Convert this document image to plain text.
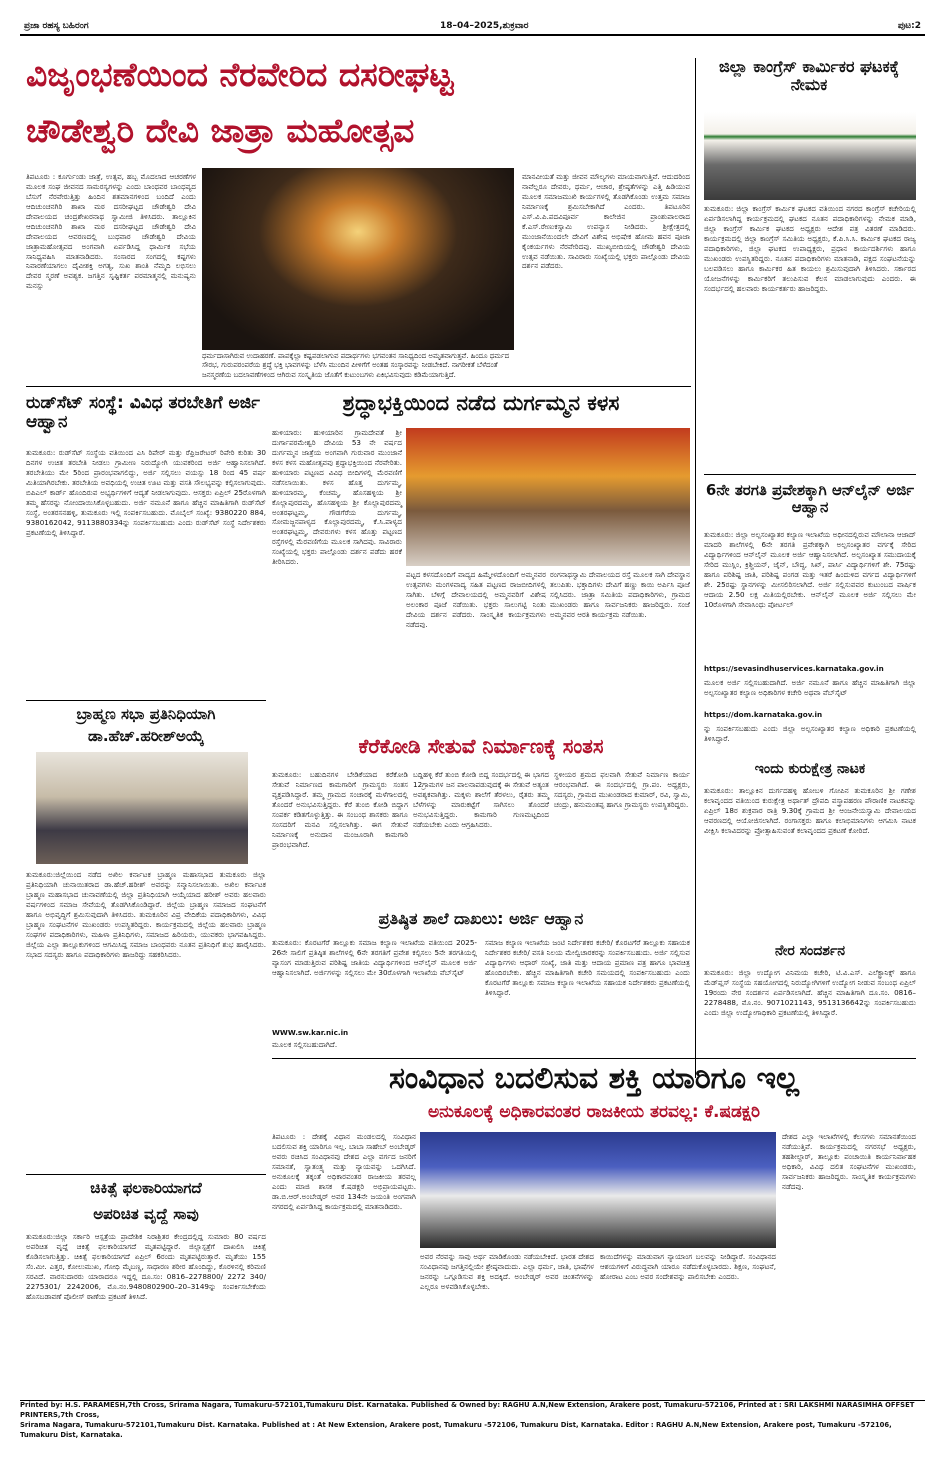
ಪ್ರಜಾ ರಹಸ್ಯ ಬಹಿರಂಗ	18–04–2025,ಶುಕ್ರವಾರ	ಪುಟ:2
ವಿಜೃಂಭಣೆಯಿಂದ ನೆರವೇರಿದ ದಸರೀಘಟ್ಟ
ಚೌಡೇಶ್ವರಿ ದೇವಿ ಜಾತ್ರಾ ಮಹೋತ್ಸವ
ತಿಪಟೂರು : ಕೂರ್ಗುಂಡು ಜಾತ್ರೆ, ಉತ್ಸವ, ಹಬ್ಬ ಮೊದಲಾದ ಆಚರಣೆಗಳ ಮೂಲಕ ಸಂಘ ಜೀವನದ ಸಾಮರಸ್ಯಗಳನ್ನು ಎಂದು ಬಾಂಧವರ ಬಾಂಧವ್ಯದ ಬೆಸುಗೆ ನೆರವೇರುತ್ತಿತ್ತು ಹಿಂದಿನ ಶತಮಾನಗಳಿಂದ ಬಂದಿದೆ ಎಂದು ಆದಿಚುಂಚನಗಿರಿ ಶಾಖಾ ಮಠ ದಸರೀಘಟ್ಟದ ಚೌಡೇಶ್ವರಿ ದೇವಿ ದೇವಾಲಯದ ಚಂದ್ರಶೇಖರನಾಥ ಸ್ವಾಮೀಜಿ ತಿಳಿಸಿದರು. ತಾಲ್ಲೂಕಿನ ಆದಿಚುಂಚನಗಿರಿ ಶಾಖಾ ಮಠ ದಸರೀಘಟ್ಟದ ಚೌಡೇಶ್ವರಿ ದೇವಿ ದೇವಾಲಯದ ಆವರಣದಲ್ಲಿ ಬುಧವಾರ ಚೌಡೇಶ್ವರಿ ದೇವಿಯ ಜಾತ್ರಾಮಹೋತ್ಸವದ ಅಂಗವಾಗಿ ಏರ್ಪಡಿಸಿದ್ದ ಧಾರ್ಮಿಕ ಸಭೆಯ ಸಾನಿಧ್ಯವಹಿಸಿ ಮಾತನಾಡಿದರು. ಸಂಸಾರದ ಸಂಗದಲ್ಲಿ ಕಷ್ಟಗಳು ನಿವಾರಣೆಯಾಗಲು ದೈವೀಶಕ್ತಿ ಅಗತ್ಯ, ಸುಖ ಶಾಂತಿ ನೆಮ್ಮದಿ ಲಭಿಸಲು ದೇವರ ಸ್ಮರಣೆ ಅವಶ್ಯಕ. ಜಗತ್ತಿನ ಸೃಷ್ಟಿಕರ್ತ ಪರಮಾತ್ಮನಲ್ಲಿ ಮನುಷ್ಯನು ಮನಸ್ಸು
ಧರ್ಮದಾಸಾಗಿರುವ ಉದಾಹರಣೆ. ಪಾಪಕ್ಕೆಲ್ಲಾ ಕಷ್ಟಪಡಲಾಗುವ ಪದಾರ್ಥಗಳು ಭಗವಂತನ ಸಾನಿಧ್ಯದಿಂದ ಅಮೃತವಾಗುತ್ತವೆ. ಹಿಂದೂ ಧರ್ಮದ ಸೌರಭ, ಗುರುಪರಂಪರೆಯ ಶ್ರದ್ಧೆ ಭಕ್ತಿ ಭಾವಗಳನ್ನು ಬೆಳೆಸಿ ಮುಂದಿನ ಪೀಳಿಗೆಗೆ ಅಂತಹ ಸಂಸ್ಕಾರವನ್ನು ನೀಡಬೇಕಿದೆ. ನಾಗರೀಕತೆ ಬೆಳೆದಂತೆ ಜನಸ್ಮರಣೆಯ ಬದಲಾವಣೆಗಳಿಂದ ಆಗಿರುವ ಸಂಸ್ಕೃತಿಯ ಜೊತೆಗೆ ಕುಟುಂಬಗಳು ಏಕಿಭವಿಸುವುದು ಕಡಿಮೆಯಾಗುತ್ತಿದೆ.
ಮಾನವೀಯತೆ ಮತ್ತು ಜೀವನ ಮೌಲ್ಯಗಳು ಮಾಯವಾಗುತ್ತಿವೆ. ಆದುದರಿಂದ ನಾವೆಲ್ಲರೂ ದೇವರು, ಧರ್ಮ, ಆಚಾರ, ಶ್ರೇಷ್ಠತೆಗಳನ್ನು ಎತ್ತಿ ಹಿಡಿಯುವ ಮೂಲಕ ಸಮಾಜಮುಖಿ ಕಾರ್ಯಗಳಲ್ಲಿ ತೊಡಗಿಕೊಂಡು ಉತ್ತಮ ಸಮಾಜ ನಿರ್ಮಾಣಕ್ಕೆ ಶ್ರಮಿಸಬೇಕಾಗಿದೆ ಎಂದರು. ತಿಪಟೂರಿನ ಎಸ್.ವಿ.ಪಿ.ಪದವಿಪೂರ್ವ ಕಾಲೇಜಿನ ಪ್ರಾಂಶುಪಾಲರಾದ ಕೆ.ಎಸ್.ರೇಣುಕಸ್ವಾಮಿ ಉಪನ್ಯಾಸ ನೀಡಿದರು. ಶ್ರೀಕ್ಷೇತ್ರದಲ್ಲಿ ಮುಂಜಾನೆಯಿಂದಲೇ ದೇವಿಗೆ ವಿಶೇಷ ಅಭಿಷೇಕ ಹೋಮ ಹವನ ಪೂಜಾ ಕೈಂಕರ್ಯಗಳು ನೆರವೇರಿದವು. ಮುಖ್ಯಬೀದಿಯಲ್ಲಿ ಚೌಡೇಶ್ವರಿ ದೇವಿಯ ಉತ್ಸವ ನಡೆಯಿತು. ಸಾವಿರಾರು ಸಂಖ್ಯೆಯಲ್ಲಿ ಭಕ್ತರು ಪಾಲ್ಗೊಂಡು ದೇವಿಯ ದರ್ಶನ ಪಡೆದರು.
ಜಿಲ್ಲಾ ಕಾಂಗ್ರೆಸ್ ಕಾರ್ಮಿಕರ ಘಟಕಕ್ಕೆ ನೇಮಕ
ತುಮಕೂರು: ಜಿಲ್ಲಾ ಕಾಂಗ್ರೆಸ್ ಕಾರ್ಮಿಕ ಘಟಕದ ವತಿಯಿಂದ ನಗರದ ಕಾಂಗ್ರೆಸ್ ಕಚೇರಿಯಲ್ಲಿ ಏರ್ಪಡಿಸಲಾಗಿದ್ದ ಕಾರ್ಯಕ್ರಮದಲ್ಲಿ ಘಟಕದ ನೂತನ ಪದಾಧಿಕಾರಿಗಳನ್ನು ನೇಮಕ ಮಾಡಿ, ಜಿಲ್ಲಾ ಕಾಂಗ್ರೆಸ್ ಕಾರ್ಮಿಕ ಘಟಕದ ಅಧ್ಯಕ್ಷರು ಆದೇಶ ಪತ್ರ ವಿತರಣೆ ಮಾಡಿದರು. ಕಾರ್ಯಕ್ರಮದಲ್ಲಿ ಜಿಲ್ಲಾ ಕಾಂಗ್ರೆಸ್ ಸಮಿತಿಯ ಅಧ್ಯಕ್ಷರು, ಕೆ.ಪಿ.ಸಿ.ಸಿ. ಕಾರ್ಮಿಕ ಘಟಕದ ರಾಜ್ಯ ಪದಾಧಿಕಾರಿಗಳು, ಜಿಲ್ಲಾ ಘಟಕದ ಉಪಾಧ್ಯಕ್ಷರು, ಪ್ರಧಾನ ಕಾರ್ಯದರ್ಶಿಗಳು ಹಾಗೂ ಮುಖಂಡರು ಉಪಸ್ಥಿತರಿದ್ದರು. ನೂತನ ಪದಾಧಿಕಾರಿಗಳು ಮಾತನಾಡಿ, ಪಕ್ಷದ ಸಂಘಟನೆಯನ್ನು ಬಲಪಡಿಸಲು ಹಾಗೂ ಕಾರ್ಮಿಕರ ಹಿತ ಕಾಯಲು ಶ್ರಮಿಸುವುದಾಗಿ ತಿಳಿಸಿದರು. ಸರ್ಕಾರದ ಯೋಜನೆಗಳನ್ನು ಕಾರ್ಮಿಕರಿಗೆ ತಲುಪಿಸುವ ಕೆಲಸ ಮಾಡಲಾಗುವುದು ಎಂದರು. ಈ ಸಂದರ್ಭದಲ್ಲಿ ಹಲವಾರು ಕಾರ್ಯಕರ್ತರು ಹಾಜರಿದ್ದರು.
ರುಡ್‌ಸೆಟ್ ಸಂಸ್ಥೆ: ವಿವಿಧ ತರಬೇತಿಗೆ ಅರ್ಜಿ ಆಹ್ವಾನ
ತುಮಕೂರು: ರುಡ್‌ಸೆಟ್ ಸಂಸ್ಥೆಯ ವತಿಯಿಂದ ಎಸಿ ರಿಪೇರ್ ಮತ್ತು ರೆಫ್ರಿಜರೇಟರ್ ರಿಪೇರಿ ಕುರಿತು 30 ದಿನಗಳ ಉಚಿತ ತರಬೇತಿ ನೀಡಲು ಗ್ರಾಮೀಣ ನಿರುದ್ಯೋಗಿ ಯುವಕರಿಂದ ಅರ್ಜಿ ಆಹ್ವಾನಿಸಲಾಗಿದೆ. ತರಬೇತಿಯು ಮೇ 5ರಿಂದ ಪ್ರಾರಂಭವಾಗಲಿದ್ದು, ಅರ್ಜಿ ಸಲ್ಲಿಸಲು ವಯಸ್ಸು 18 ರಿಂದ 45 ವರ್ಷ ಮಿತಿಯಾಗಿರಬೇಕು. ತರಬೇತಿಯ ಅವಧಿಯಲ್ಲಿ ಉಚಿತ ಊಟ ಮತ್ತು ವಸತಿ ಸೌಲಭ್ಯವನ್ನು ಕಲ್ಪಿಸಲಾಗುವುದು. ಬಿಪಿಎಲ್ ಕಾರ್ಡ್ ಹೊಂದಿರುವ ಅಭ್ಯರ್ಥಿಗಳಿಗೆ ಆದ್ಯತೆ ನೀಡಲಾಗುವುದು. ಆಸಕ್ತರು ಏಪ್ರಿಲ್ 25ರೊಳಗಾಗಿ ತಮ್ಮ ಹೆಸರನ್ನು ನೋಂದಾಯಿಸಿಕೊಳ್ಳಬಹುದು. ಅರ್ಜಿ ನಮೂನೆ ಹಾಗೂ ಹೆಚ್ಚಿನ ಮಾಹಿತಿಗಾಗಿ ರುಡ್‌ಸೆಟ್ ಸಂಸ್ಥೆ, ಅಂತರಸನಹಳ್ಳಿ, ತುಮಕೂರು ಇಲ್ಲಿ ಸಂಪರ್ಕಿಸಬಹುದು. ಮೊಬೈಲ್ ಸಂಖ್ಯೆ: 9380220 884, 9380162042, 9113880334ನ್ನು ಸಂಪರ್ಕಿಸಬಹುದು ಎಂದು ರುಡ್‌ಸೆಟ್ ಸಂಸ್ಥೆ ನಿರ್ದೇಶಕರು ಪ್ರಕಟಣೆಯಲ್ಲಿ ತಿಳಿಸಿದ್ದಾರೆ.
ಶ್ರದ್ಧಾಭಕ್ತಿಯಿಂದ ನಡೆದ ದುರ್ಗಮ್ಮನ ಕಳಸ
ಹುಳಿಯಾರು: ಹುಳಿಯಾರಿನ ಗ್ರಾಮದೇವತೆ ಶ್ರೀ ದುರ್ಗಾಪರಮೇಶ್ವರಿ ದೇವಿಯ 53 ನೇ ವರ್ಷದ ದುರ್ಗಮ್ಮನ ಜಾತ್ರೆಯ ಅಂಗವಾಗಿ ಗುರುವಾರ ಮುಂಜಾನೆ ಕಳಸ ಕಳಸ ಮಹೋತ್ಸವವು ಶ್ರದ್ಧಾಭಕ್ತಿಯಿಂದ ನೆರವೇರಿತು. ಹುಳಿಯಾರು ಪಟ್ಟಣದ ವಿವಿಧ ಬೀದಿಗಳಲ್ಲಿ ಮೆರವಣಿಗೆ ನಡೆಸಲಾಯಿತು. ಕಳಸ ಹೊತ್ತ ದುರ್ಗಮ್ಮ, ಹುಳಿಯಾರಮ್ಮ, ಕೆಂಚಮ್ಮ, ಹೊಸಹಳ್ಳಿಯ ಶ್ರೀ ಕೊಲ್ಲಾಪುರದಮ್ಮ, ಹೊಸಹಳ್ಳಿಯ ಶ್ರೀ ಕೊಲ್ಲಾಪುರದಮ್ಮ ಅಂತರಘಟ್ಟಮ್ಮ, ಗೌಡಗೆರೆಯ ದುರ್ಗಮ್ಮ, ಸೋಮಜ್ಜನಪಾಳ್ಯದ ಕೊಲ್ಲಾಪುರದಮ್ಮ, ಕೆ.ಸಿ.ಪಾಳ್ಯದ ಅಂತರಘಟ್ಟಮ್ಮ, ದೇವರುಗಳು ಕಳಸ ಹೊತ್ತು ಪಟ್ಟಣದ ರಸ್ತೆಗಳಲ್ಲಿ ಮೆರವಣಿಗೆಯ ಮೂಲಕ ಸಾಗಿದವು. ಸಾವಿರಾರು ಸಂಖ್ಯೆಯಲ್ಲಿ ಭಕ್ತರು ಪಾಲ್ಗೊಂಡು ದರ್ಶನ ಪಡೆದು ಹರಕೆ ತೀರಿಸಿದರು.
ಪಟ್ಟದ ಕಳಸದೊಂದಿಗೆ ವಾದ್ಯದ ಹಿಮ್ಮೇಳದೊಂದಿಗೆ ಅಮ್ಮನವರ ಉತ್ಸವಗಳು ಮಂಗಳವಾದ್ಯ ಸಹಿತ ಪಟ್ಟಣದ ರಾಜಬೀದಿಗಳಲ್ಲಿ ಸಾಗಿತು. ಬೆಳಿಗ್ಗೆ ದೇವಾಲಯದಲ್ಲಿ ಅಮ್ಮನವರಿಗೆ ವಿಶೇಷ ಅಲಂಕಾರ ಪೂಜೆ ನಡೆಯಿತು. ಭಕ್ತರು ಸಾಲುಗಟ್ಟಿ ನಿಂತು ದೇವಿಯ ದರ್ಶನ ಪಡೆದರು. ಸಾಂಸ್ಕೃತಿಕ ಕಾರ್ಯಕ್ರಮಗಳು ನಡೆದವು.
ರಂಗನಾಥಸ್ವಾಮಿ ದೇವಾಲಯದ ರಸ್ತೆ ಮೂಲಕ ಸಾಗಿ ದೇವಸ್ಥಾನ ತಲುಪಿತು. ಭಕ್ತಾದಿಗಳು ದೇವಿಗೆ ಹಣ್ಣು ಕಾಯಿ ಅರ್ಪಿಸಿ ಪೂಜೆ ಸಲ್ಲಿಸಿದರು. ಜಾತ್ರಾ ಸಮಿತಿಯ ಪದಾಧಿಕಾರಿಗಳು, ಗ್ರಾಮದ ಮುಖಂಡರು ಹಾಗೂ ಸಾರ್ವಜನಿಕರು ಹಾಜರಿದ್ದರು. ಸಂಜೆ ಅಮ್ಮನವರ ಆರತಿ ಕಾರ್ಯಕ್ರಮ ನಡೆಯಿತು.
ಬ್ರಾಹ್ಮಣ ಸಭಾ ಪ್ರತಿನಿಧಿಯಾಗಿ
ಡಾ.ಹೆಚ್.ಹರೀಶ್‌ಅಯ್ಕೆ
ತುಮಕೂರು:ಜಿಲ್ಲೆಯಿಂದ ನಡೆದ ಅಖಿಲ ಕರ್ನಾಟಕ ಬ್ರಾಹ್ಮಣ ಮಹಾಸಭಾದ ತುಮಕೂರು ಜಿಲ್ಲಾ ಪ್ರತಿನಿಧಿಯಾಗಿ ಚುನಾಯಿತರಾದ ಡಾ.ಹೆಚ್.ಹರೀಶ್ ಅವರನ್ನು ಸನ್ಮಾನಿಸಲಾಯಿತು. ಅಖಿಲ ಕರ್ನಾಟಕ ಬ್ರಾಹ್ಮಣ ಮಹಾಸಭಾದ ಚುನಾವಣೆಯಲ್ಲಿ ಜಿಲ್ಲಾ ಪ್ರತಿನಿಧಿಯಾಗಿ ಆಯ್ಕೆಯಾದ ಹರೀಶ್ ಅವರು ಹಲವಾರು ವರ್ಷಗಳಿಂದ ಸಮಾಜ ಸೇವೆಯಲ್ಲಿ ತೊಡಗಿಸಿಕೊಂಡಿದ್ದಾರೆ. ಜಿಲ್ಲೆಯ ಬ್ರಾಹ್ಮಣ ಸಮಾಜದ ಸಂಘಟನೆಗೆ ಹಾಗೂ ಅಭಿವೃದ್ಧಿಗೆ ಶ್ರಮಿಸುವುದಾಗಿ ತಿಳಿಸಿದರು. ತುಮಕೂರಿನ ವಿಪ್ರ ವೇದಿಕೆಯ ಪದಾಧಿಕಾರಿಗಳು, ವಿವಿಧ ಬ್ರಾಹ್ಮಣ ಸಂಘಟನೆಗಳ ಮುಖಂಡರು ಉಪಸ್ಥಿತರಿದ್ದರು. ಕಾರ್ಯಕ್ರಮದಲ್ಲಿ ಜಿಲ್ಲೆಯ ಹಲವಾರು ಬ್ರಾಹ್ಮಣ ಸಂಘಗಳ ಪದಾಧಿಕಾರಿಗಳು, ಮಹಿಳಾ ಪ್ರತಿನಿಧಿಗಳು, ಸಮಾಜದ ಹಿರಿಯರು, ಯುವಕರು ಭಾಗವಹಿಸಿದ್ದರು. ಜಿಲ್ಲೆಯ ಎಲ್ಲಾ ತಾಲ್ಲೂಕುಗಳಿಂದ ಆಗಮಿಸಿದ್ದ ಸಮಾಜ ಬಾಂಧವರು ನೂತನ ಪ್ರತಿನಿಧಿಗೆ ಶುಭ ಹಾರೈಸಿದರು. ಸಭಾದ ಸದಸ್ಯರು ಹಾಗೂ ಪದಾಧಿಕಾರಿಗಳು ಹಾಜರಿದ್ದು ಸಹಕರಿಸಿದರು.
ಚಿಕಿತ್ಸೆ ಫಲಕಾರಿಯಾಗದೆ
ಅಪರಿಚಿತ ವೃದ್ದೆ ಸಾವು
ತುಮಕೂರು:ಜಿಲ್ಲಾ ಸರ್ಕಾರಿ ಆಸ್ಪತ್ರೆಯ ಪ್ರಾದೇಶಿಕ ನಿರಾಶ್ರಿತರ ಕೇಂದ್ರದಲ್ಲಿದ್ದ ಸುಮಾರು 80 ವರ್ಷದ ಅಪರಿಚಿತ ವೃದ್ದೆ ಚಿಕಿತ್ಸೆ ಫಲಕಾರಿಯಾಗದೆ ಮೃತಪಟ್ಟಿದ್ದಾರೆ. ಜಿಲ್ಲಾಸ್ಪತ್ರೆಗೆ ದಾಖಲಿಸಿ ಚಿಕಿತ್ಸೆ ಕೊಡಿಸಲಾಗುತ್ತಿತ್ತು. ಚಿಕಿತ್ಸೆ ಫಲಕಾರಿಯಾಗದೆ ಏಪ್ರಿಲ್ 6ರಂದು ಮೃತಪಟ್ಟಿರುತ್ತಾರೆ. ಮೃತೆಯು 155 ಸೆಂ.ಮೀ. ಎತ್ತರ, ಕೋಲುಮುಖ, ಗೋಧಿ ಮೈಬಣ್ಣ, ಸಾಧಾರಣ ಶರೀರ ಹೊಂದಿದ್ದು, ಕೊರಳಿನಲ್ಲಿ ಕರಿಮಣಿ ಸರವಿದೆ. ವಾರಸುದಾರರು ಯಾರಾದರೂ ಇದ್ದಲ್ಲಿ ದೂ.ಸಂ: 0816–2278800/ 2272 340/ 2275301/ 2242006, ಮೊ.ನಂ.9480802900–20–3149ನ್ನು ಸಂಪರ್ಕಿಸಬೇಕೆಂದು ಹೊಸಬಡಾವಣೆ ಪೊಲೀಸ್ ಠಾಣೆಯ ಪ್ರಕಟಣೆ ತಿಳಿಸಿದೆ.
ಕೆರೆಕೋಡಿ ಸೇತುವೆ ನಿರ್ಮಾಣಕ್ಕೆ ಸಂತಸ
ತುಮಕೂರು: ಬಹುದಿನಗಳ ಬೇಡಿಕೆಯಾದ ಕರೆಕೋಡಿ ಸೇತುವೆ ನಿರ್ಮಾಣದ ಕಾಮಗಾರಿಗೆ ಗ್ರಾಮಸ್ಥರು ಸಂತಸ ವ್ಯಕ್ತಪಡಿಸಿದ್ದಾರೆ. ತಮ್ಮ ಗ್ರಾಮದ ಸಂಚಾರಕ್ಕೆ ಮಳೆಗಾಲದಲ್ಲಿ ತೊಂದರೆ ಅನುಭವಿಸುತ್ತಿದ್ದರು. ಕೆರೆ ತುಂಬಿ ಕೋಡಿ ಬಿದ್ದಾಗ ಸಂಪರ್ಕ ಕಡಿತಗೊಳ್ಳುತ್ತಿತ್ತು. ಈ ಸಂಬಂಧ ಶಾಸಕರು ಹಾಗೂ ಸಂಸದರಿಗೆ ಮನವಿ ಸಲ್ಲಿಸಲಾಗಿತ್ತು. ಈಗ ಸೇತುವೆ ನಿರ್ಮಾಣಕ್ಕೆ ಅನುದಾನ ಮಂಜೂರಾಗಿ ಕಾಮಗಾರಿ ಪ್ರಾರಂಭವಾಗಿದೆ.
ಬದ್ದಿಹಳ್ಳಿ ಕೆರೆ ತುಂಬಿ ಕೋಡಿ ಬಿದ್ದ ಸಂದರ್ಭದಲ್ಲಿ ಈ ಭಾಗದ 12ಗ್ರಾಮಗಳ ಜನ ಪಾಲನಾಪಡುವುದಕ್ಕೆ ಈ ಸೇತುವೆ ಅತ್ಯಂತ ಅವಶ್ಯಕವಾಗಿತ್ತು. ಮಕ್ಕಳು ಶಾಲೆಗೆ ತೆರಳಲು, ರೈತರು ತಮ್ಮ ಬೆಳೆಗಳನ್ನು ಮಾರುಕಟ್ಟೆಗೆ ಸಾಗಿಸಲು ತೊಂದರೆ ಅನುಭವಿಸುತ್ತಿದ್ದರು. ಕಾಮಗಾರಿ ಗುಣಮಟ್ಟದಿಂದ ನಡೆಯಬೇಕು ಎಂದು ಆಗ್ರಹಿಸಿದರು.
ಸ್ಥಳೀಯರ ಶ್ರಮದ ಫಲವಾಗಿ ಸೇತುವೆ ನಿರ್ಮಾಣ ಕಾರ್ಯ ಆರಂಭವಾಗಿದೆ. ಈ ಸಂದರ್ಭದಲ್ಲಿ ಗ್ರಾ.ಪಂ. ಅಧ್ಯಕ್ಷರು, ಸದಸ್ಯರು, ಗ್ರಾಮದ ಮುಖಂಡರಾದ ಕುಮಾರ್, ರವಿ, ಸ್ವಾಮಿ, ಚಂದ್ರು, ಹನುಮಂತಪ್ಪ ಹಾಗೂ ಗ್ರಾಮಸ್ಥರು ಉಪಸ್ಥಿತರಿದ್ದರು.
6ನೇ ತರಗತಿ ಪ್ರವೇಶಕ್ಕಾಗಿ ಆನ್‌ಲೈನ್ ಅರ್ಜಿ ಆಹ್ವಾನ
ತುಮಕೂರು: ಜಿಲ್ಲಾ ಅಲ್ಪಸಂಖ್ಯಾತರ ಕಲ್ಯಾಣ ಇಲಾಖೆಯ ಅಧೀನದಲ್ಲಿರುವ ಮೌಲಾನಾ ಆಜಾದ್ ಮಾದರಿ ಶಾಲೆಗಳಲ್ಲಿ 6ನೇ ತರಗತಿ ಪ್ರವೇಶಕ್ಕಾಗಿ ಅಲ್ಪಸಂಖ್ಯಾತರ ವರ್ಗಕ್ಕೆ ಸೇರಿದ ವಿದ್ಯಾರ್ಥಿಗಳಿಂದ ಆನ್‌ಲೈನ್ ಮೂಲಕ ಅರ್ಜಿ ಆಹ್ವಾನಿಸಲಾಗಿದೆ. ಅಲ್ಪಸಂಖ್ಯಾತ ಸಮುದಾಯಕ್ಕೆ ಸೇರಿದ ಮುಸ್ಲಿಂ, ಕ್ರಿಶ್ಚಿಯನ್, ಜೈನ್, ಬೌದ್ಧ, ಸಿಖ್, ಪಾರ್ಸಿ ವಿದ್ಯಾರ್ಥಿಗಳಿಗೆ ಶೇ. 75ರಷ್ಟು ಹಾಗೂ ಪರಿಶಿಷ್ಟ ಜಾತಿ, ಪರಿಶಿಷ್ಟ ಪಂಗಡ ಮತ್ತು ಇತರೆ ಹಿಂದುಳಿದ ವರ್ಗದ ವಿದ್ಯಾರ್ಥಿಗಳಿಗೆ ಶೇ. 25ರಷ್ಟು ಸ್ಥಾನಗಳನ್ನು ಮೀಸಲಿರಿಸಲಾಗಿದೆ. ಅರ್ಜಿ ಸಲ್ಲಿಸುವವರ ಕುಟುಂಬದ ವಾರ್ಷಿಕ ಆದಾಯ 2.50 ಲಕ್ಷ ಮಿತಿಯಲ್ಲಿರಬೇಕು. ಆನ್‌ಲೈನ್ ಮೂಲಕ ಅರ್ಜಿ ಸಲ್ಲಿಸಲು ಮೇ 10ರೊಳಗಾಗಿ ಸೇವಾಸಿಂಧು ಪೋರ್ಟಲ್
https://sevasindhuservices.karnataka.gov.in
ಮೂಲಕ ಅರ್ಜಿ ಸಲ್ಲಿಸಬಹುದಾಗಿದೆ. ಅರ್ಜಿ ನಮೂನೆ ಹಾಗೂ ಹೆಚ್ಚಿನ ಮಾಹಿತಿಗಾಗಿ ಜಿಲ್ಲಾ ಅಲ್ಪಸಂಖ್ಯಾತರ ಕಲ್ಯಾಣ ಅಧಿಕಾರಿಗಳ ಕಚೇರಿ ಅಥವಾ ವೆಬ್‌ಸೈಟ್
https://dom.karnataka.gov.in
ನ್ನು ಸಂಪರ್ಕಿಸಬಹುದು ಎಂದು ಜಿಲ್ಲಾ ಅಲ್ಪಸಂಖ್ಯಾತರ ಕಲ್ಯಾಣ ಅಧಿಕಾರಿ ಪ್ರಕಟಣೆಯಲ್ಲಿ ತಿಳಿಸಿದ್ದಾರೆ.
ಇಂದು ಕುರುಕ್ಷೇತ್ರ ನಾಟಕ
ತುಮಕೂರು: ತಾಲ್ಲೂಕಿನ ದುರ್ಗದಹಳ್ಳಿ ಹೋಬಳಿ ಗೋಪಿನ ತುಮಕೂರಿನ ಶ್ರೀ ಗಣೇಶ ಕಲಾವೃಂದದ ವತಿಯಿಂದ ಕುರುಕ್ಷೇತ್ರ ಅರ್ಥಾತ್ ದ್ರೌಪದಿ ವಸ್ತ್ರಾಪಹರಣ ಪೌರಾಣಿಕ ನಾಟಕವನ್ನು ಏಪ್ರಿಲ್ 18ರ ಶುಕ್ರವಾರ ರಾತ್ರಿ 9.30ಕ್ಕೆ ಗ್ರಾಮದ ಶ್ರೀ ಆಂಜನೇಯಸ್ವಾಮಿ ದೇವಾಲಯದ ಆವರಣದಲ್ಲಿ ಆಯೋಜಿಸಲಾಗಿದೆ. ರಂಗಾಸಕ್ತರು ಹಾಗೂ ಕಲಾಭಿಮಾನಿಗಳು ಆಗಮಿಸಿ ನಾಟಕ ವೀಕ್ಷಿಸಿ ಕಲಾವಿದರನ್ನು ಪ್ರೋತ್ಸಾಹಿಸುವಂತೆ ಕಲಾವೃಂದದ ಪ್ರಕಟಣೆ ಕೋರಿದೆ.
ನೇರ ಸಂದರ್ಶನ
ತುಮಕೂರು: ಜಿಲ್ಲಾ ಉದ್ಯೋಗ ವಿನಿಮಯ ಕಚೇರಿ, ಟಿ.ವಿ.ಎಸ್. ಎಲೆಕ್ಟ್ರಾನಿಕ್ಸ್ ಹಾಗೂ ಮೆಡ್‌ಪ್ಲಸ್ ಸಂಸ್ಥೆಯ ಸಹಯೋಗದಲ್ಲಿ ನಿರುದ್ಯೋಗಿಗಳಿಗೆ ಉದ್ಯೋಗ ನೀಡುವ ಸಂಬಂಧ ಏಪ್ರಿಲ್ 19ರಂದು ನೇರ ಸಂದರ್ಶನ ಏರ್ಪಡಿಸಲಾಗಿದೆ. ಹೆಚ್ಚಿನ ಮಾಹಿತಿಗಾಗಿ ದೂ.ಸಂ. 0816–2278488, ಮೊ.ನಂ. 9071021143, 9513136642ನ್ನು ಸಂಪರ್ಕಿಸಬಹುದು ಎಂದು ಜಿಲ್ಲಾ ಉದ್ಯೋಗಾಧಿಕಾರಿ ಪ್ರಕಟಣೆಯಲ್ಲಿ ತಿಳಿಸಿದ್ದಾರೆ.
ಪ್ರತಿಷ್ಠಿತ ಶಾಲೆ ದಾಖಲು: ಅರ್ಜಿ ಆಹ್ವಾನ
ತುಮಕೂರು: ಕೊರಟಗೆರೆ ತಾಲ್ಲೂಕು ಸಮಾಜ ಕಲ್ಯಾಣ ಇಲಾಖೆಯ ವತಿಯಿಂದ 2025-26ನೇ ಸಾಲಿಗೆ ಪ್ರತಿಷ್ಠಿತ ಶಾಲೆಗಳಲ್ಲಿ 6ನೇ ತರಗತಿಗೆ ಪ್ರವೇಶ ಕಲ್ಪಿಸಲು 5ನೇ ತರಗತಿಯಲ್ಲಿ ವ್ಯಾಸಂಗ ಮಾಡುತ್ತಿರುವ ಪರಿಶಿಷ್ಟ ಜಾತಿಯ ವಿದ್ಯಾರ್ಥಿಗಳಿಂದ ಆನ್‌ಲೈನ್ ಮೂಲಕ ಅರ್ಜಿ ಆಹ್ವಾನಿಸಲಾಗಿದೆ. ಅರ್ಜಿಗಳನ್ನು ಸಲ್ಲಿಸಲು ಮೇ 30ರೊಳಗಾಗಿ ಇಲಾಖೆಯ ವೆಬ್‌ಸೈಟ್
WWW.sw.kar.nic.in
ಮೂಲಕ ಸಲ್ಲಿಸಬಹುದಾಗಿದೆ.
ಸಮಾಜ ಕಲ್ಯಾಣ ಇಲಾಖೆಯ ಜಂಟಿ ನಿರ್ದೇಶಕರ ಕಚೇರಿ/ ಕೊರಟಗೆರೆ ತಾಲ್ಲೂಕು ಸಹಾಯಕ ನಿರ್ದೇಶಕರ ಕಚೇರಿ/ ವಸತಿ ನಿಲಯ ಮೇಲ್ವಿಚಾರಕರನ್ನು ಸಂಪರ್ಕಿಸಬಹುದು. ಅರ್ಜಿ ಸಲ್ಲಿಸುವ ವಿದ್ಯಾರ್ಥಿಗಳು ಆಧಾರ್ ಸಂಖ್ಯೆ, ಜಾತಿ ಮತ್ತು ಆದಾಯ ಪ್ರಮಾಣ ಪತ್ರ ಹಾಗೂ ಭಾವಚಿತ್ರ ಹೊಂದಿರಬೇಕು. ಹೆಚ್ಚಿನ ಮಾಹಿತಿಗಾಗಿ ಕಚೇರಿ ಸಮಯದಲ್ಲಿ ಸಂಪರ್ಕಿಸಬಹುದು ಎಂದು ಕೊರಟಗೆರೆ ತಾಲ್ಲೂಕು ಸಮಾಜ ಕಲ್ಯಾಣ ಇಲಾಖೆಯ ಸಹಾಯಕ ನಿರ್ದೇಶಕರು ಪ್ರಕಟಣೆಯಲ್ಲಿ ತಿಳಿಸಿದ್ದಾರೆ.
ಸಂವಿಧಾನ ಬದಲಿಸುವ ಶಕ್ತಿ ಯಾರಿಗೂ ಇಲ್ಲ
ಅನುಕೂಲಕ್ಕೆ ಅಧಿಕಾರವಂತರ ರಾಜಕೀಯ ತರವಲ್ಲ: ಕೆ.ಷಡಕ್ಷರಿ
ತಿಪಟೂರು : ದೇಶಕ್ಕೆ ವಿಧಾನ ಮಂಡಲದಲ್ಲಿ ಸಂವಿಧಾನ ಬದಲಿಸುವ ಶಕ್ತಿ ಯಾರಿಗೂ ಇಲ್ಲ. ಬಾಬಾ ಸಾಹೇಬ್ ಅಂಬೇಡ್ಕರ್ ಅವರು ರಚಿಸಿದ ಸಂವಿಧಾನವು ದೇಶದ ಎಲ್ಲಾ ವರ್ಗದ ಜನರಿಗೆ ಸಮಾನತೆ, ಸ್ವಾತಂತ್ರ್ಯ ಮತ್ತು ನ್ಯಾಯವನ್ನು ಒದಗಿಸಿದೆ. ಅನುಕೂಲಕ್ಕೆ ತಕ್ಕಂತೆ ಅಧಿಕಾರವಂತರ ರಾಜಕೀಯ ತರವಲ್ಲ ಎಂದು ಮಾಜಿ ಶಾಸಕ ಕೆ.ಷಡಕ್ಷರಿ ಅಭಿಪ್ರಾಯಪಟ್ಟರು. ಡಾ.ಬಿ.ಆರ್.ಅಂಬೇಡ್ಕರ್ ಅವರ 134ನೇ ಜಯಂತಿ ಅಂಗವಾಗಿ ನಗರದಲ್ಲಿ ಏರ್ಪಡಿಸಿದ್ದ ಕಾರ್ಯಕ್ರಮದಲ್ಲಿ ಮಾತನಾಡಿದರು.
ಅವರ ನೆರವನ್ನು ಸಾವು ಅರ್ಥ ಮಾಡಿಕೊಂಡು ನಡೆಯಬೇಕಿದೆ. ಭಾರತ ದೇಶದ ಸಂವಿಧಾನವು ಜಗತ್ತಿನಲ್ಲಿಯೇ ಶ್ರೇಷ್ಠವಾದುದು. ಎಲ್ಲಾ ಧರ್ಮ, ಜಾತಿ, ಭಾಷೆಗಳ ಜನರನ್ನು ಒಗ್ಗೂಡಿಸುವ ಶಕ್ತಿ ಅದಕ್ಕಿದೆ. ಅಂಬೇಡ್ಕರ್ ಅವರ ಚಿಂತನೆಗಳನ್ನು ಎಲ್ಲರೂ ಅಳವಡಿಸಿಕೊಳ್ಳಬೇಕು.
ಕಾಯಿದೆಗಳನ್ನು ಮಾಡುವಾಗ ನ್ಯಾಯಾಂಗ ಬಲವನ್ನು ನೀಡಿದ್ದಾರೆ. ಸಂವಿಧಾನದ ಆಶಯಗಳಿಗೆ ವಿರುದ್ಧವಾಗಿ ಯಾರೂ ನಡೆದುಕೊಳ್ಳಬಾರದು. ಶಿಕ್ಷಣ, ಸಂಘಟನೆ, ಹೋರಾಟ ಎಂಬ ಅವರ ಸಂದೇಶವನ್ನು ಪಾಲಿಸಬೇಕು ಎಂದರು.
ದೇಶದ ಎಲ್ಲಾ ಇಲಾಖೆಗಳಲ್ಲಿ ಕೆಲಸಗಳು ಸಮಾನತೆಯಿಂದ ನಡೆಯುತ್ತಿವೆ. ಕಾರ್ಯಕ್ರಮದಲ್ಲಿ ನಗರಸಭೆ ಅಧ್ಯಕ್ಷರು, ತಹಶೀಲ್ದಾರ್, ತಾಲ್ಲೂಕು ಪಂಚಾಯಿತಿ ಕಾರ್ಯನಿರ್ವಾಹಕ ಅಧಿಕಾರಿ, ವಿವಿಧ ದಲಿತ ಸಂಘಟನೆಗಳ ಮುಖಂಡರು, ಸಾರ್ವಜನಿಕರು ಹಾಜರಿದ್ದರು. ಸಾಂಸ್ಕೃತಿಕ ಕಾರ್ಯಕ್ರಮಗಳು ನಡೆದವು.
Printed by: H.S. PARAMESH,7th Cross, Srirama Nagara, Tumakuru-572101,Tumakuru Dist. Karnataka. Published & Owned by: RAGHU A.N,New Extension, Arakere post, Tumakuru-572106, Printed at : SRI LAKSHMI NARASIMHA OFFSET PRINTERS,7th Cross,
Srirama Nagara, Tumakuru-572101,Tumakuru Dist. Karnataka. Published at : At New Extension, Arakere post, Tumakuru -572106, Tumakuru Dist, Karnataka. Editor : RAGHU A.N,New Extension, Arakere post, Tumakuru -572106, Tumakuru Dist, Karnataka.
